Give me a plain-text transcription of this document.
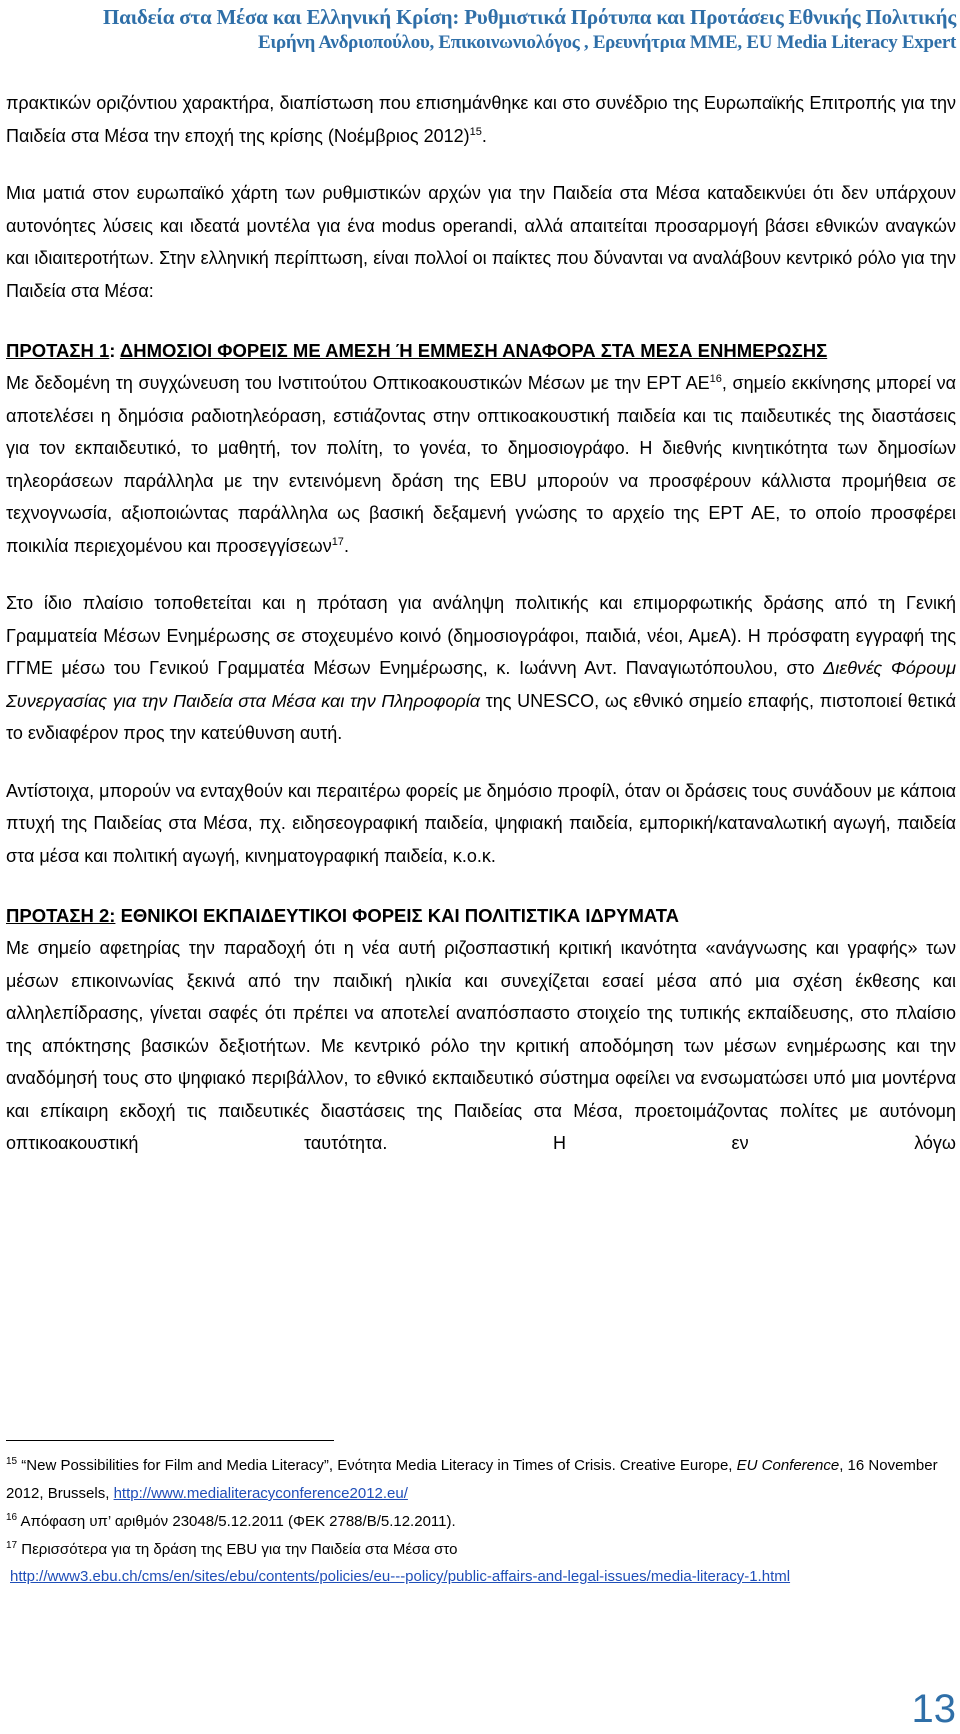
Παιδεία στα Μέσα και Ελληνική Κρίση: Ρυθμιστικά Πρότυπα και Προτάσεις Εθνικής Πολιτικής
Ειρήνη Ανδριοπούλου, Επικοινωνιολόγος , Ερευνήτρια ΜΜΕ, EU Media Literacy Expert

πρακτικών οριζόντιου χαρακτήρα, διαπίστωση που επισημάνθηκε και στο συνέδριο της Ευρωπαϊκής Επιτροπής για την Παιδεία στα Μέσα την εποχή της κρίσης (Νοέμβριος 2012)$^{15}$.

Μια ματιά στον ευρωπαϊκό χάρτη των ρυθμιστικών αρχών για την Παιδεία στα Μέσα καταδεικνύει ότι δεν υπάρχουν αυτονόητες λύσεις και ιδεατά μοντέλα για ένα modus operandi, αλλά απαιτείται προσαρμογή βάσει εθνικών αναγκών και ιδιαιτεροτήτων. Στην ελληνική περίπτωση, είναι πολλοί οι παίκτες που δύνανται να αναλάβουν κεντρικό ρόλο για την Παιδεία στα Μέσα:

ΠΡΟΤΑΣΗ 1: ΔΗΜΟΣΙΟΙ ΦΟΡΕΙΣ ΜΕ ΑΜΕΣΗ Ή ΕΜΜΕΣΗ ΑΝΑΦΟΡΑ ΣΤΑ ΜΕΣΑ ΕΝΗΜΕΡΩΣΗΣ

Με δεδομένη τη συγχώνευση του Ινστιτούτου Οπτικοακουστικών Μέσων με την ΕΡΤ ΑΕ$^{16}$, σημείο εκκίνησης μπορεί να αποτελέσει η δημόσια ραδιοτηλεόραση, εστιάζοντας στην οπτικοακουστική παιδεία και τις παιδευτικές της διαστάσεις για τον εκπαιδευτικό, το μαθητή, τον πολίτη, το γονέα, το δημοσιογράφο. Η διεθνής κινητικότητα των δημοσίων τηλεοράσεων παράλληλα με την εντεινόμενη δράση της EBU μπορούν να προσφέρουν κάλλιστα προμήθεια σε τεχνογνωσία, αξιοποιώντας παράλληλα ως βασική δεξαμενή γνώσης το αρχείο της ΕΡΤ ΑΕ, το οποίο προσφέρει ποικιλία περιεχομένου και προσεγγίσεων$^{17}$.

Στο ίδιο πλαίσιο τοποθετείται και η πρόταση για ανάληψη πολιτικής και επιμορφωτικής δράσης από τη Γενική Γραμματεία Μέσων Ενημέρωσης σε στοχευμένο κοινό (δημοσιογράφοι, παιδιά, νέοι, ΑμεΑ). Η πρόσφατη εγγραφή της ΓΓΜΕ μέσω του Γενικού Γραμματέα Μέσων Ενημέρωσης, κ. Ιωάννη Αντ. Παναγιωτόπουλου, στο Διεθνές Φόρουμ Συνεργασίας για την Παιδεία στα Μέσα και την Πληροφορία της UNESCO, ως εθνικό σημείο επαφής, πιστοποιεί θετικά το ενδιαφέρον προς την κατεύθυνση αυτή.

Αντίστοιχα, μπορούν να ενταχθούν και περαιτέρω φορείς με δημόσιο προφίλ, όταν οι δράσεις τους συνάδουν με κάποια πτυχή της Παιδείας στα Μέσα, πχ. ειδησεογραφική παιδεία, ψηφιακή παιδεία, εμπορική/καταναλωτική αγωγή, παιδεία στα μέσα και πολιτική αγωγή, κινηματογραφική παιδεία, κ.ο.κ.

ΠΡΟΤΑΣΗ 2: ΕΘΝΙΚΟΙ ΕΚΠΑΙΔΕΥΤΙΚΟΙ ΦΟΡΕΙΣ ΚΑΙ ΠΟΛΙΤΙΣΤΙΚΑ ΙΔΡΥΜΑΤΑ

Με σημείο αφετηρίας την παραδοχή ότι η νέα αυτή ριζοσπαστική κριτική ικανότητα «ανάγνωσης και γραφής» των μέσων επικοινωνίας ξεκινά από την παιδική ηλικία και συνεχίζεται εσαεί μέσα από μια σχέση έκθεσης και αλληλεπίδρασης, γίνεται σαφές ότι πρέπει να αποτελεί αναπόσπαστο στοιχείο της τυπικής εκπαίδευσης, στο πλαίσιο της απόκτησης βασικών δεξιοτήτων. Με κεντρικό ρόλο την κριτική αποδόμηση των μέσων ενημέρωσης και την αναδόμησή τους στο ψηφιακό περιβάλλον, το εθνικό εκπαιδευτικό σύστημα οφείλει να ενσωματώσει υπό μια μοντέρνα και επίκαιρη εκδοχή τις παιδευτικές διαστάσεις της Παιδείας στα Μέσα, προετοιμάζοντας πολίτες με αυτόνομη οπτικοακουστική ταυτότητα. Η εν λόγω

$^{15}$ “New Possibilities for Film and Media Literacy”, Ενότητα Media Literacy in Times of Crisis. Creative Europe, EU Conference, 16 November 2012, Brussels, http://www.medialiteracyconference2012.eu/
$^{16}$ Απόφαση υπ’ αριθμόν 23048/5.12.2011 (ΦΕΚ 2788/Β/5.12.2011).
$^{17}$ Περισσότερα για τη δράση της EBU για την Παιδεία στα Μέσα στο
http://www3.ebu.ch/cms/en/sites/ebu/contents/policies/eu---policy/public-affairs-and-legal-issues/media-literacy-1.html
13
